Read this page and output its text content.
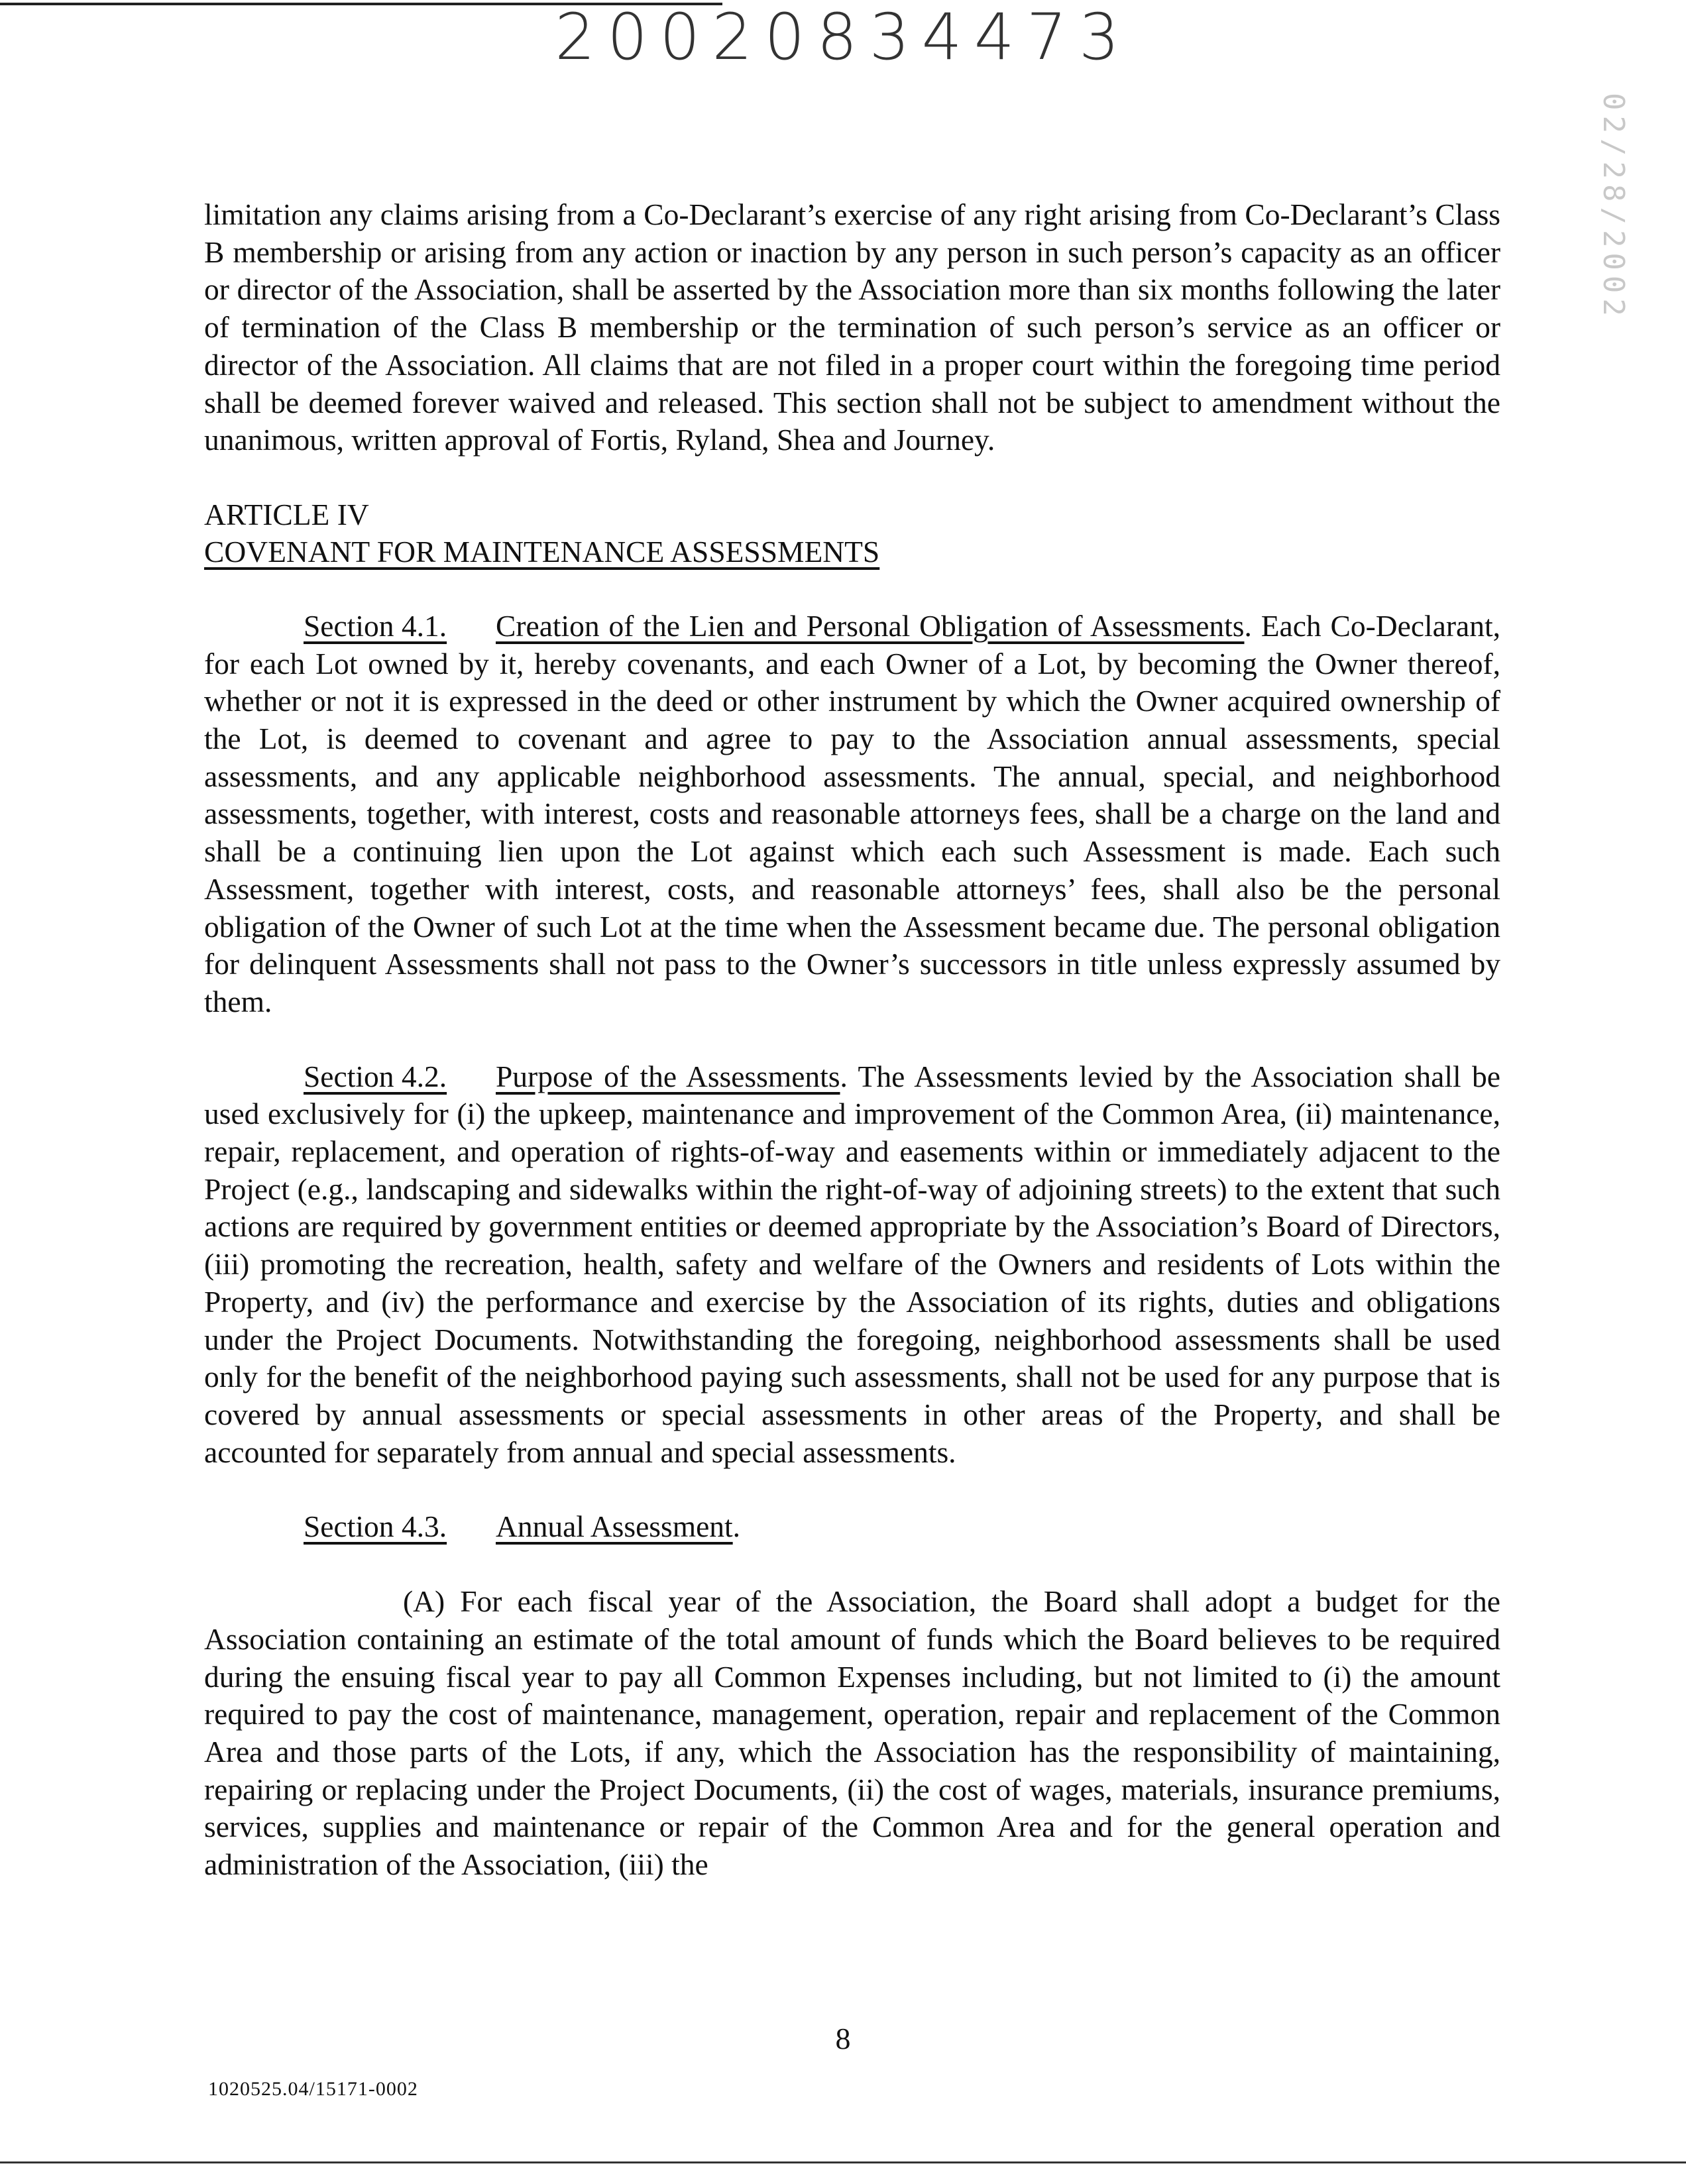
20020834473
02/28/2002

limitation any claims arising from a Co-Declarant’s exercise of any right arising from Co-Declarant’s Class B membership or arising from any action or inaction by any person in such person’s capacity as an officer or director of the Association, shall be asserted by the Association more than six months following the later of termination of the Class B membership or the termination of such person’s service as an officer or director of the Association. All claims that are not filed in a proper court within the foregoing time period shall be deemed forever waived and released. This section shall not be subject to amendment without the unanimous, written approval of Fortis, Ryland, Shea and Journey.

ARTICLE IV
COVENANT FOR MAINTENANCE ASSESSMENTS

Section 4.1. Creation of the Lien and Personal Obligation of Assessments. Each Co-Declarant, for each Lot owned by it, hereby covenants, and each Owner of a Lot, by becoming the Owner thereof, whether or not it is expressed in the deed or other instrument by which the Owner acquired ownership of the Lot, is deemed to covenant and agree to pay to the Association annual assessments, special assessments, and any applicable neighborhood assessments. The annual, special, and neighborhood assessments, together, with interest, costs and reasonable attorneys fees, shall be a charge on the land and shall be a continuing lien upon the Lot against which each such Assessment is made. Each such Assessment, together with interest, costs, and reasonable attorneys’ fees, shall also be the personal obligation of the Owner of such Lot at the time when the Assessment became due. The personal obligation for delinquent Assessments shall not pass to the Owner’s successors in title unless expressly assumed by them.

Section 4.2. Purpose of the Assessments. The Assessments levied by the Association shall be used exclusively for (i) the upkeep, maintenance and improvement of the Common Area, (ii) maintenance, repair, replacement, and operation of rights-of-way and easements within or immediately adjacent to the Project (e.g., landscaping and sidewalks within the right-of-way of adjoining streets) to the extent that such actions are required by government entities or deemed appropriate by the Association’s Board of Directors, (iii) promoting the recreation, health, safety and welfare of the Owners and residents of Lots within the Property, and (iv) the performance and exercise by the Association of its rights, duties and obligations under the Project Documents. Notwithstanding the foregoing, neighborhood assessments shall be used only for the benefit of the neighborhood paying such assessments, shall not be used for any purpose that is covered by annual assessments or special assessments in other areas of the Property, and shall be accounted for separately from annual and special assessments.

Section 4.3. Annual Assessment.

(A) For each fiscal year of the Association, the Board shall adopt a budget for the Association containing an estimate of the total amount of funds which the Board believes to be required during the ensuing fiscal year to pay all Common Expenses including, but not limited to (i) the amount required to pay the cost of maintenance, management, operation, repair and replacement of the Common Area and those parts of the Lots, if any, which the Association has the responsibility of maintaining, repairing or replacing under the Project Documents, (ii) the cost of wages, materials, insurance premiums, services, supplies and maintenance or repair of the Common Area and for the general operation and administration of the Association, (iii) the

8
1020525.04/15171-0002
